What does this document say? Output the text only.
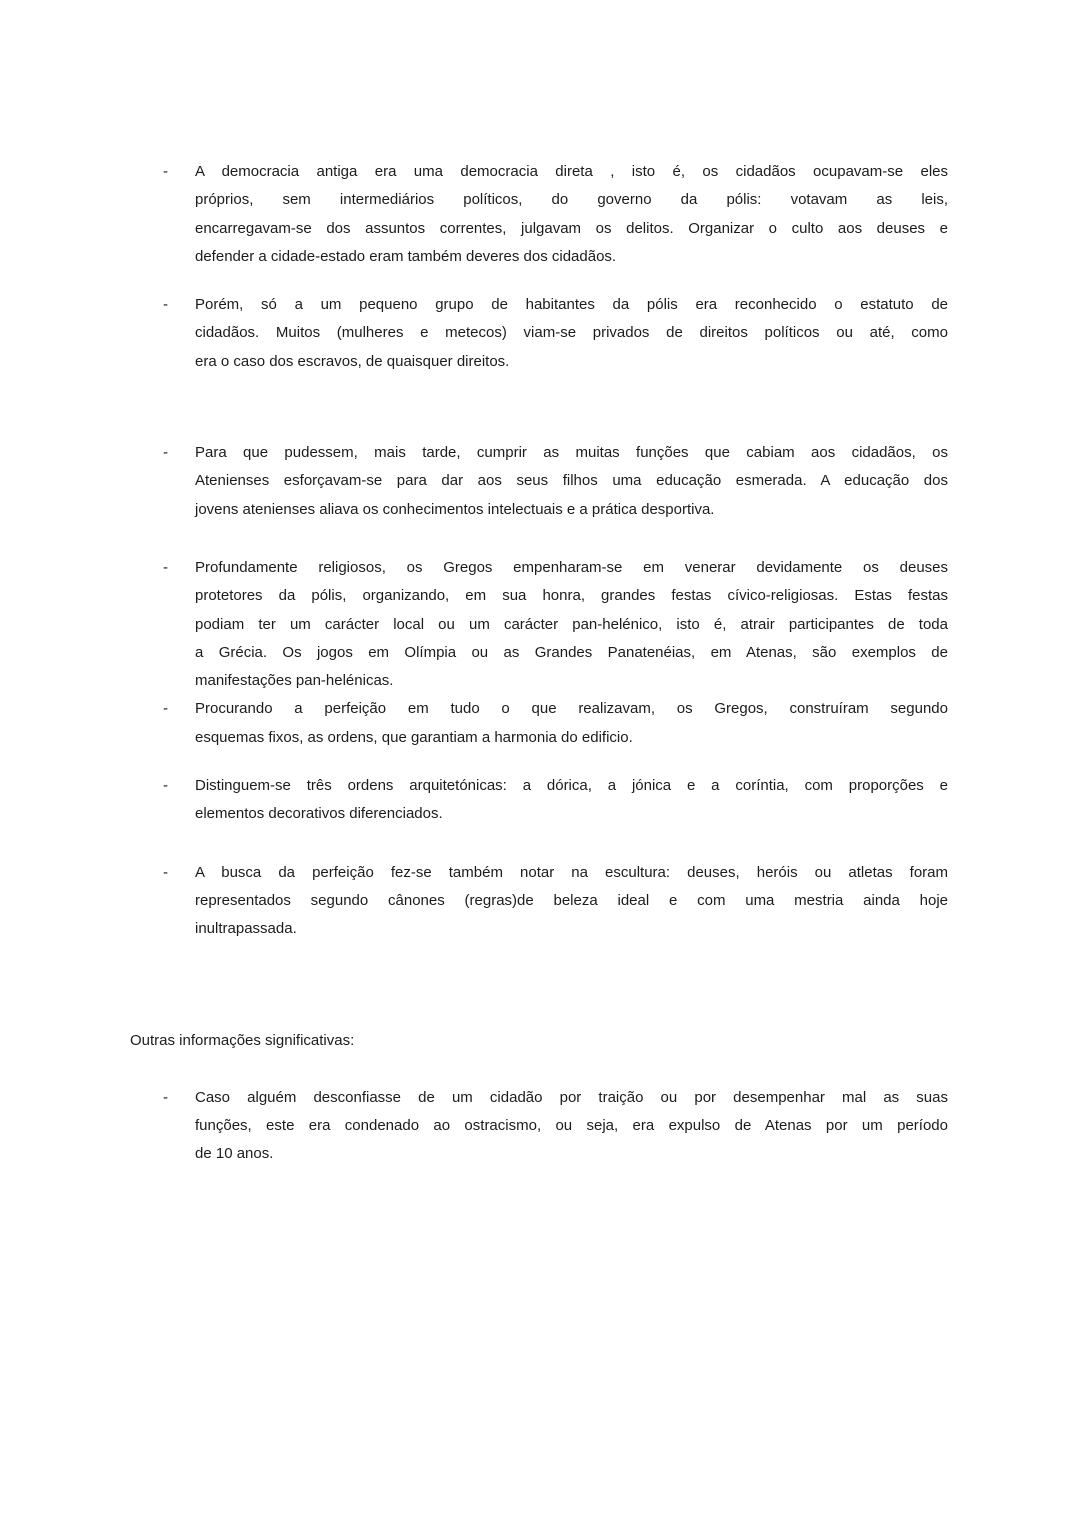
- A democracia antiga era uma democracia direta , isto é, os cidadãos ocupavam-se eles
próprios, sem intermediários políticos, do governo da pólis: votavam as leis,
encarregavam-se dos assuntos correntes, julgavam os delitos. Organizar o culto aos deuses e
defender a cidade-estado eram também deveres dos cidadãos.
- Porém, só a um pequeno grupo de habitantes da pólis era reconhecido o estatuto de
cidadãos. Muitos (mulheres e metecos) viam-se privados de direitos políticos ou até, como
era o caso dos escravos, de quaisquer direitos.
- Para que pudessem, mais tarde, cumprir as muitas funções que cabiam aos cidadãos, os
Atenienses esforçavam-se para dar aos seus filhos uma educação esmerada. A educação dos
jovens atenienses aliava os conhecimentos intelectuais e a prática desportiva.
- Profundamente religiosos, os Gregos empenharam-se em venerar devidamente os deuses
protetores da pólis, organizando, em sua honra, grandes festas cívico-religiosas. Estas festas
podiam ter um carácter local ou um carácter pan-helénico, isto é, atrair participantes de toda
a Grécia. Os jogos em Olímpia ou as Grandes Panatenéias, em Atenas, são exemplos de
manifestações pan-helénicas.
- Procurando a perfeição em tudo o que realizavam, os Gregos, construíram segundo
esquemas fixos, as ordens, que garantiam a harmonia do edificio.
- Distinguem-se três ordens arquitetónicas: a dórica, a jónica e a coríntia, com proporções e
elementos decorativos diferenciados.
- A busca da perfeição fez-se também notar na escultura: deuses, heróis ou atletas foram
representados segundo cânones (regras)de beleza ideal e com uma mestria ainda hoje
inultrapassada.
Outras informações significativas:
- Caso alguém desconfiasse de um cidadão por traição ou por desempenhar mal as suas
funções, este era condenado ao ostracismo, ou seja, era expulso de Atenas por um período
de 10 anos.
